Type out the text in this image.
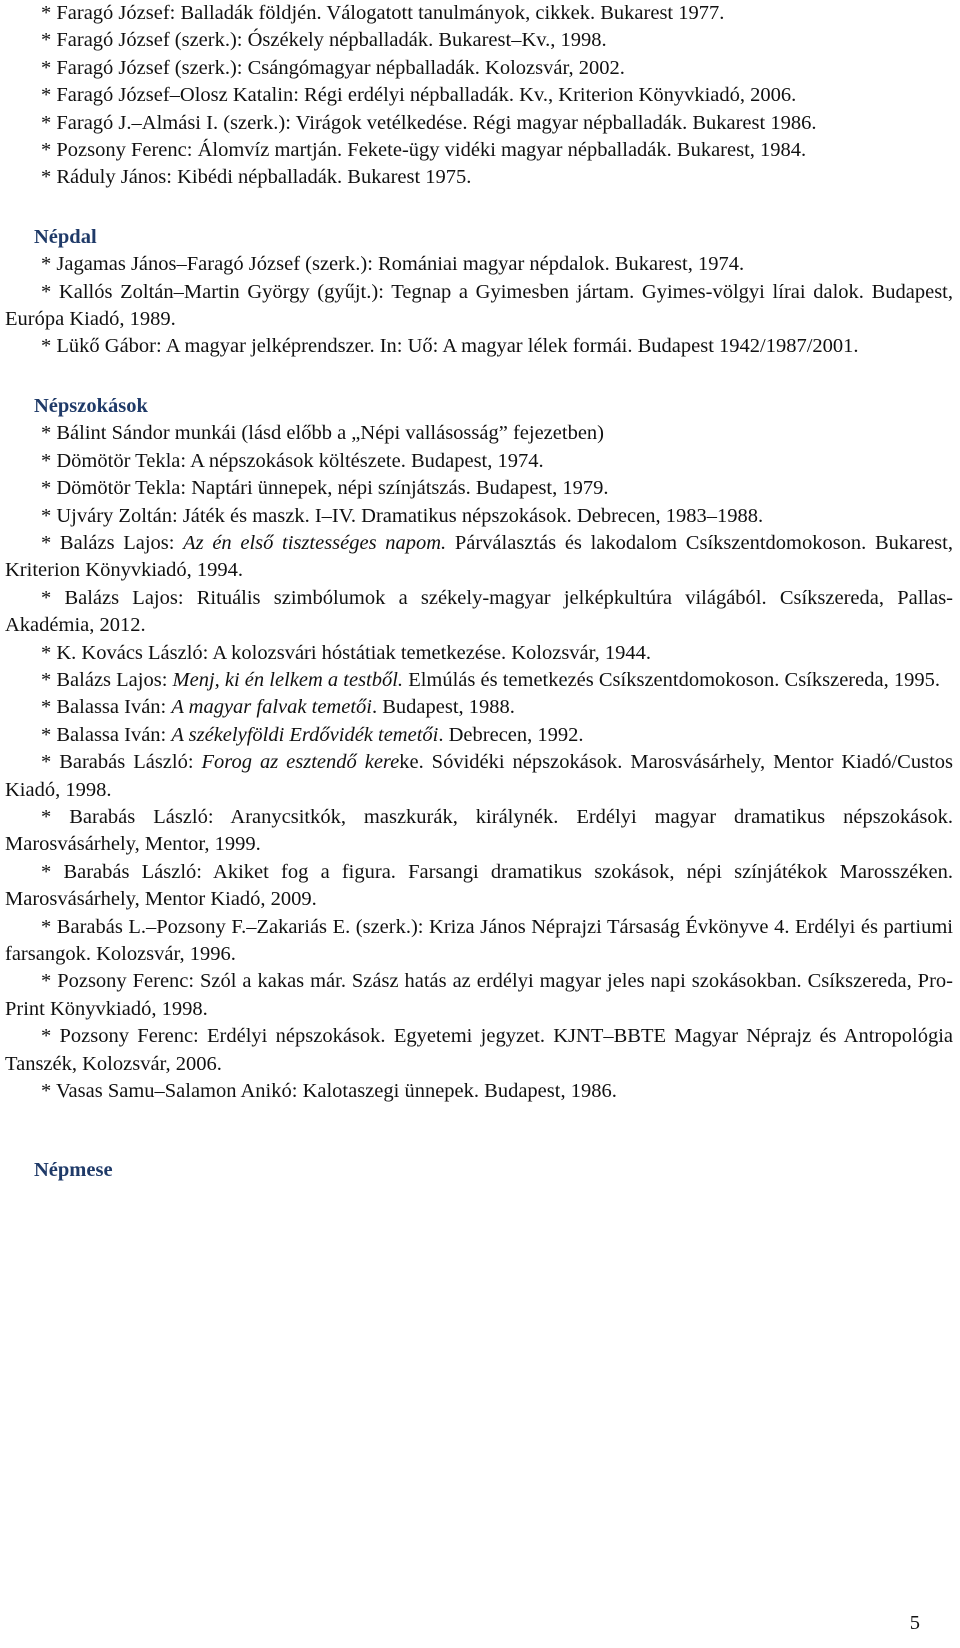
* Faragó József: Balladák földjén. Válogatott tanulmányok, cikkek. Bukarest 1977.

* Faragó József (szerk.): Ószékely népballadák. Bukarest–Kv., 1998.

* Faragó József (szerk.): Csángómagyar népballadák. Kolozsvár, 2002.

* Faragó József–Olosz Katalin: Régi erdélyi népballadák. Kv., Kriterion Könyvkiadó, 2006.

* Faragó J.–Almási I. (szerk.): Virágok vetélkedése. Régi magyar népballadák. Bukarest 1986.

* Pozsony Ferenc: Álomvíz martján. Fekete-ügy vidéki magyar népballadák. Bukarest, 1984.

* Ráduly János: Kibédi népballadák. Bukarest 1975.

Népdal

* Jagamas János–Faragó József (szerk.): Romániai magyar népdalok. Bukarest, 1974.

* Kallós Zoltán–Martin György (gyűjt.): Tegnap a Gyimesben jártam. Gyimes-völgyi lírai dalok. Budapest, Európa Kiadó, 1989.

* Lükő Gábor: A magyar jelképrendszer. In: Uő: A magyar lélek formái. Budapest 1942/1987/2001.

Népszokások

* Bálint Sándor munkái (lásd előbb a „Népi vallásosság” fejezetben)

* Dömötör Tekla: A népszokások költészete. Budapest, 1974.

* Dömötör Tekla: Naptári ünnepek, népi színjátszás. Budapest, 1979.

* Ujváry Zoltán: Játék és maszk. I–IV. Dramatikus népszokások. Debrecen, 1983–1988.

* Balázs Lajos: Az én első tisztességes napom. Párválasztás és lakodalom Csíkszentdomokoson. Bukarest, Kriterion Könyvkiadó, 1994.

* Balázs Lajos: Rituális szimbólumok a székely-magyar jelképkultúra világából. Csíkszereda, Pallas-Akadémia, 2012.

* K. Kovács László: A kolozsvári hóstátiak temetkezése. Kolozsvár, 1944.

* Balázs Lajos: Menj, ki én lelkem a testből. Elmúlás és temetkezés Csíkszentdomokoson. Csíkszereda, 1995.

* Balassa Iván: A magyar falvak temetői. Budapest, 1988.

* Balassa Iván: A székelyföldi Erdővidék temetői. Debrecen, 1992.

* Barabás László: Forog az esztendő kereke. Sóvidéki népszokások. Marosvásárhely, Mentor Kiadó/Custos Kiadó, 1998.

* Barabás László: Aranycsitkók, maszkurák, királynék. Erdélyi magyar dramatikus népszokások. Marosvásárhely, Mentor, 1999.

* Barabás László: Akiket fog a figura. Farsangi dramatikus szokások, népi színjátékok Marosszéken. Marosvásárhely, Mentor Kiadó, 2009.

* Barabás L.–Pozsony F.–Zakariás E. (szerk.): Kriza János Néprajzi Társaság Évkönyve 4. Erdélyi és partiumi farsangok. Kolozsvár, 1996.

* Pozsony Ferenc: Szól a kakas már. Szász hatás az erdélyi magyar jeles napi szokásokban. Csíkszereda, Pro-Print Könyvkiadó, 1998.

* Pozsony Ferenc: Erdélyi népszokások. Egyetemi jegyzet. KJNT–BBTE Magyar Néprajz és Antropológia Tanszék, Kolozsvár, 2006.

* Vasas Samu–Salamon Anikó: Kalotaszegi ünnepek. Budapest, 1986.

Népmese
5
